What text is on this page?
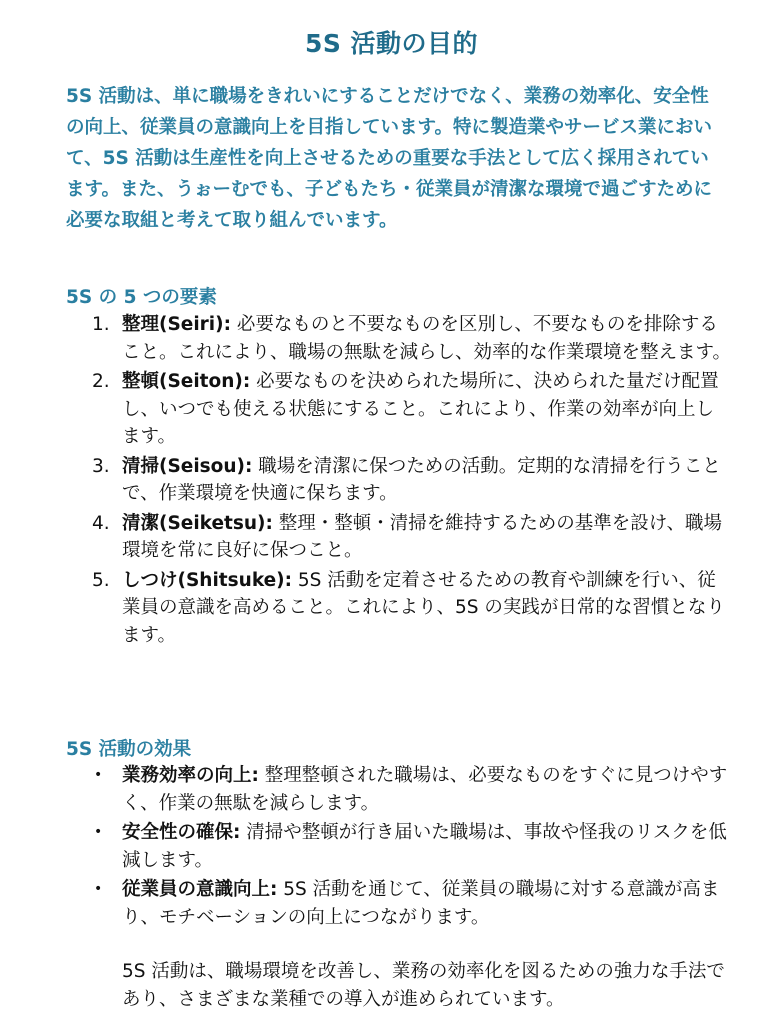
5S 活動の目的

5S 活動は、単に職場をきれいにすることだけでなく、業務の効率化、安全性の向上、従業員の意識向上を目指しています。特に製造業やサービス業において、5S 活動は生産性を向上させるための重要な手法として広く採用されています。また、うぉーむでも、子どもたち・従業員が清潔な環境で過ごすために必要な取組と考えて取り組んでいます。

5S の 5 つの要素
1. 整理(Seiri): 必要なものと不要なものを区別し、不要なものを排除すること。これにより、職場の無駄を減らし、効率的な作業環境を整えます。
2. 整頓(Seiton): 必要なものを決められた場所に、決められた量だけ配置し、いつでも使える状態にすること。これにより、作業の効率が向上します。
3. 清掃(Seisou): 職場を清潔に保つための活動。定期的な清掃を行うことで、作業環境を快適に保ちます。
4. 清潔(Seiketsu): 整理・整頓・清掃を維持するための基準を設け、職場環境を常に良好に保つこと。
5. しつけ(Shitsuke): 5S 活動を定着させるための教育や訓練を行い、従業員の意識を高めること。これにより、5S の実践が日常的な習慣となります。
5S 活動の効果
• 業務効率の向上: 整理整頓された職場は、必要なものをすぐに見つけやすく、作業の無駄を減らします。
• 安全性の確保: 清掃や整頓が行き届いた職場は、事故や怪我のリスクを低減します。
• 従業員の意識向上: 5S 活動を通じて、従業員の職場に対する意識が高まり、モチベーションの向上につながります。

5S 活動は、職場環境を改善し、業務の効率化を図るための強力な手法であり、さまざまな業種での導入が進められています。
